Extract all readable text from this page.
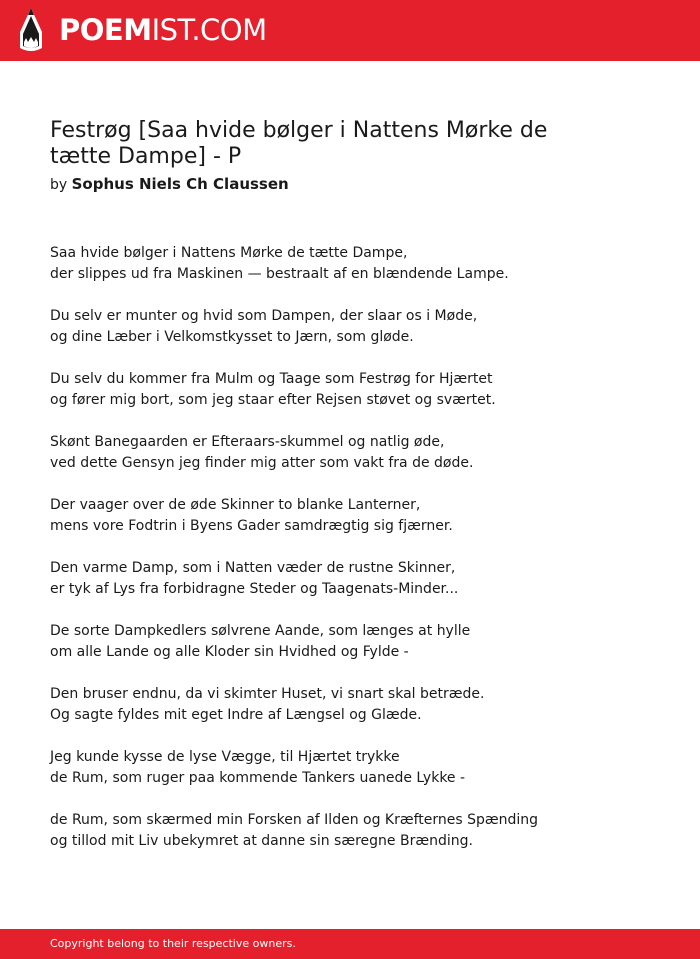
POEMIST.COM
Festrøg [Saa hvide bølger i Nattens Mørke de tætte Dampe] - P
by Sophus Niels Ch Claussen

Saa hvide bølger i Nattens Mørke de tætte Dampe,
der slippes ud fra Maskinen — bestraalt af en blændende Lampe.

Du selv er munter og hvid som Dampen, der slaar os i Møde,
og dine Læber i Velkomstkysset to Jærn, som gløde.

Du selv du kommer fra Mulm og Taage som Festrøg for Hjærtet
og fører mig bort, som jeg staar efter Rejsen støvet og sværtet.

Skønt Banegaarden er Efteraars-skummel og natlig øde,
ved dette Gensyn jeg finder mig atter som vakt fra de døde.

Der vaager over de øde Skinner to blanke Lanterner,
mens vore Fodtrin i Byens Gader samdrægtig sig fjærner.

Den varme Damp, som i Natten væder de rustne Skinner,
er tyk af Lys fra forbidragne Steder og Taagenats-Minder...

De sorte Dampkedlers sølvrene Aande, som længes at hylle
om alle Lande og alle Kloder sin Hvidhed og Fylde -

Den bruser endnu, da vi skimter Huset, vi snart skal betræde.
Og sagte fyldes mit eget Indre af Længsel og Glæde.

Jeg kunde kysse de lyse Vægge, til Hjærtet trykke
de Rum, som ruger paa kommende Tankers uanede Lykke -

de Rum, som skærmed min Forsken af Ilden og Kræfternes Spænding
og tillod mit Liv ubekymret at danne sin særegne Brænding.

Copyright belong to their respective owners.
